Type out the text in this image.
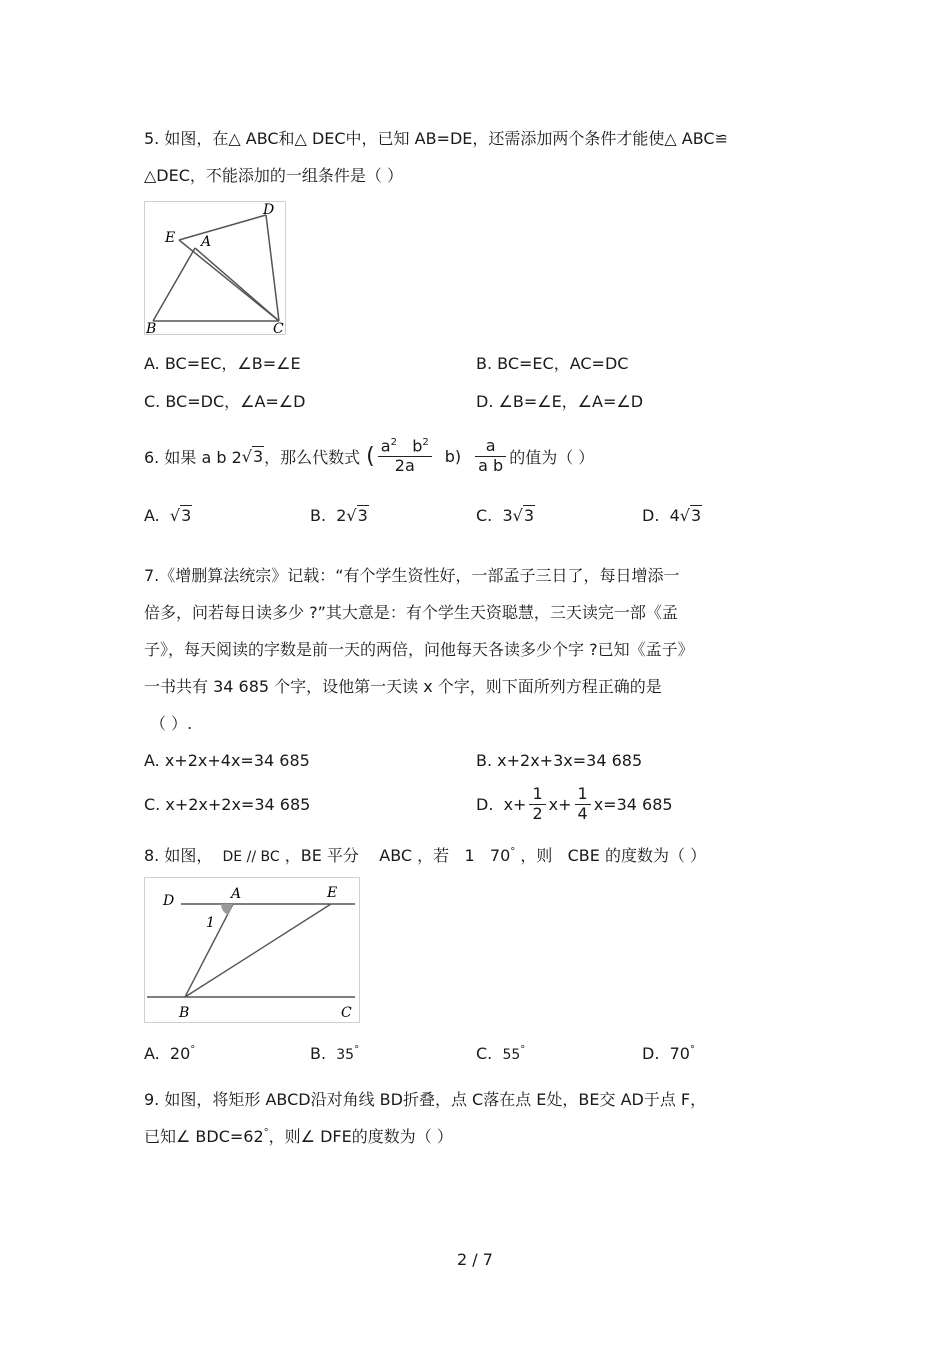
5. 如图，在△ ABC和△ DEC中，已知 AB=DE，还需添加两个条件才能使△ ABC≌
△DEC，不能添加的一组条件是（ ）
E A
D
B	C
A. BC=EC，∠B=∠E	B. BC=EC，AC=DC
C. BC=DC，∠A=∠D	D. ∠B=∠E，∠A=∠D
6. 如果 a b 2 √3 ，那么代数式 ( $\frac{a^2 b^2}{2a} b) \frac{a}{\text{a b}}$ 的值为（ ）
A. √3	B. 2√3	C. 3√3	D. 4√3
7.《增删算法统宗》记载：“有个学生资性好，一部孟子三日了，每日增添一
倍多，问若每日读多少 ?”其大意是：有个学生天资聪慧，三天读完一部《孟
子》，每天阅读的字数是前一天的两倍，问他每天各读多少个字 ?已知《孟子》
一书共有 34 685 个字，设他第一天读 x 个字，则下面所列方程正确的是
（ ）.
A. x+2x+4x=34 685	B. x+2x+3x=34 685
C. x+2x+2x=34 685	D.
$x+ \frac{1}{2} x+ \frac{1}{4} x=34$ 685
8. 如图， DE // BC ，BE 平分 ABC ，若 1 70° ，则 CBE 的度数为（ ）
D	A	E
1
B	C
A. 20°	B. 35°	C. 55°	D. 70°
9. 如图，将矩形 ABCD沿对角线 BD折叠，点 C落在点 E处，BE交 AD于点 F，
已知∠ BDC=62°，则∠ DFE的度数为（ ）
2 / 7
